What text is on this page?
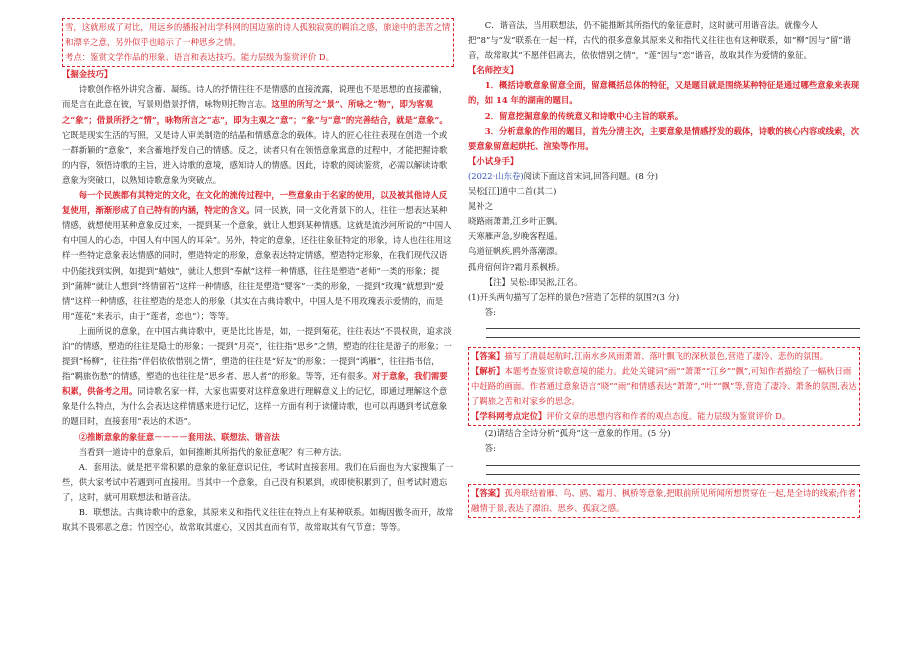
雪，这就形成了对比，用远乡的播报衬出学科网的国边塞的诗人孤独寂寞的羁泊之感，旅途中的悲苦之情和漂辛之意，另外似乎也暗示了一种思乡之情。
考点：鉴赏文学作品的形象、语言和表达技巧。能力层级为鉴赏评价 D。

【掘金技巧】

诗歌创作格外讲究含蓄、凝练。诗人的抒情往往不是情感的直接流露，说理也不是思想的直接灌输，而是言在此意在彼，写景则借景抒情，咏物则托物言志。这里的所写之“景”、所咏之“物”，即为客观之“象”；借景所抒之“情”，咏物所言之“志”，即为主观之“意”；“象”与“意”的完善结合，就是“意象”。它既是现实生活的写照，又是诗人审美制造的结晶和情感意念的载体。诗人的匠心往往表现在创造一个或一群新颖的“意象”，来含蓄地抒发自己的情感。反之，读者只有在领悟意象寓意的过程中，才能把握诗歌的内容，领悟诗歌的主旨，进入诗歌的意境，感知诗人的情感。因此，诗歌的阅读鉴赏，必需以解读诗歌意象为突破口，以熟知诗歌意象为突破点。

每一个民族都有其特定的文化，在文化的流传过程中，一些意象由于名家的使用，以及被其他诗人反复使用，渐渐形成了自己特有的内涵，特定的含义。同一民族，同一文化背景下的人，往往一想表达某种情感，就想使用某种意象反过来，一提到某一个意象，就让人想到某种情感。这就是流沙河所说的“中国人有中国人的心态，中国人有中国人的耳朵”。另外，特定的意象，还往往象征特定的形象，诗人也往往用这样一些特定意象表达情感的同时，塑造特定的形象，意象表达特定情感，塑造特定形象，在我们现代汉语中仍能找到实例，如提到“蜡烛”，就让人想到“奉献”这样一种情感，往往是塑造“老师”一类的形象；提到“蒲牌”就让人想到“终情留若”这样一种情感，往往是塑造“婴客”一类的形象，一提到“玫瑰”就想到“爱情”这样一种情感，往往塑造的是恋人的形象（其实在古典诗歌中，中国人是不用玫瑰表示爱情的，而是用“莲花”来表示，由于“莲者，恋也”）；等等。

上面所说的意象，在中国古典诗歌中，更是比比皆是，如，一提到菊花，往往表达“不畏权贵，追求淡泊”的情感，塑造的往往是隐士的形象；一提到“月亮”，往往指“思乡”之情，塑造的往往是游子的形象；一提到“杨柳”，往往指“伴侣依依惜别之情”，塑造的往往是“好友”的形象；一提到“鸿雁”，往往指书信，指“羁旅伤愁”的情感，塑造的也往往是“思乡者、思人者”的形象。等等，还有很多。对于意象，我们需要积累，供备考之用。同诗歌名家一样，大家也需要对这样意象进行理解意义上的记忆，即通过理解这个意象是什么特点，为什么会表达这样情感来进行记忆，这样一方面有利于读懂诗歌，也可以再遇到考试意象的题目时，直接套用“表达的术语”。

②推断意象的象征意－－－－套用法、联想法、谐音法

当看到一道诗中的意象后，如何推断其所指代的象征意呢？有三种方法。

A．套用法。就是把平常积累的意象的象征意识记住，考试时直接套用。我们在后面也为大家搜集了一些，供大家考试中若遇到可直接用。当其中一个意象，自己没有积累到，或即使积累到了，但考试时遗忘了，这时，就可用联想法和谐音法。

B．联想法。古典诗歌中的意象，其原来义和指代义往往在特点上有某种联系。如梅因傲冬而开，故常取其不畏邪恶之意；竹因空心，故常取其虚心，又因其直而有节，故常取其有气节意；等等。

C．谐音法，当用联想法，仍不能推断其所指代的象征意时，这时就可用谐音法。就像今人把“8”与“发”联系在一起一样，古代的很多意象其原来义和指代义往往也有这种联系，如“柳”因与“留”谐音，故常取其“不愿伴侣离去，依依惜别之情”，“莲”因与“恋”谐音，故取其作为爱情的象征。

【名师控支】

1．概括诗歌意象留意全面，留意概括总体的特征，又是题目就是围绕某种特征是通过哪些意象来表现的，如 14 年的湖南的题目。

2．留意挖掘意象的传统意义和诗歌中心主旨的联系。

3．分析意象的作用的题目，首先分清主次，主要意象是情感抒发的载体，诗歌的核心内容或线索，次要意象留意起烘托、渲染等作用。

【小试身手】

(2022·山东卷)阅读下面这首宋词,回答问题。(8 分)

吴松[江]道中二首(其二)

晁补之

晓路雨萧萧,江乡叶正飘。

天寒雁声急,岁晚客程遥。

鸟道征帆疾,鸥外落潮漂。

孤舟宿何许?霜月系枫桥。

【注】吴松:即吴淞,江名。

(1)开头两句描写了怎样的景色?营造了怎样的氛围?(3 分)

答:

【答案】描写了清晨起航时,江南水乡风雨萧萧、落叶飘飞的深秋景色,营造了凄冷、悲伤的氛围。

【解析】本题考查鉴赏诗歌意境的能力。此处关键词“雨”“萧萧”“江乡”“飘”,可知作者描绘了一幅秋日雨中赶路的画面。作者通过意象语言“晓”“雨”和情感表达“萧萧”,“叶”“飘”等,营造了凄冷、萧条的氛围,表达了羁旅之苦和对家乡的思念。

【学科网考点定位】评价文章的思想内容和作者的观点态度。能力层级为鉴赏评价 D。

(2)请结合全诗分析“孤舟”这一意象的作用。(5 分)

答:

【答案】孤舟联结着雁、鸟、鸥、霜月、枫桥等意象,把眼前所见所闻所想贯穿在一起,是全诗的线索;作者融情于景,表达了漂泊、思乡、孤寂之感。
